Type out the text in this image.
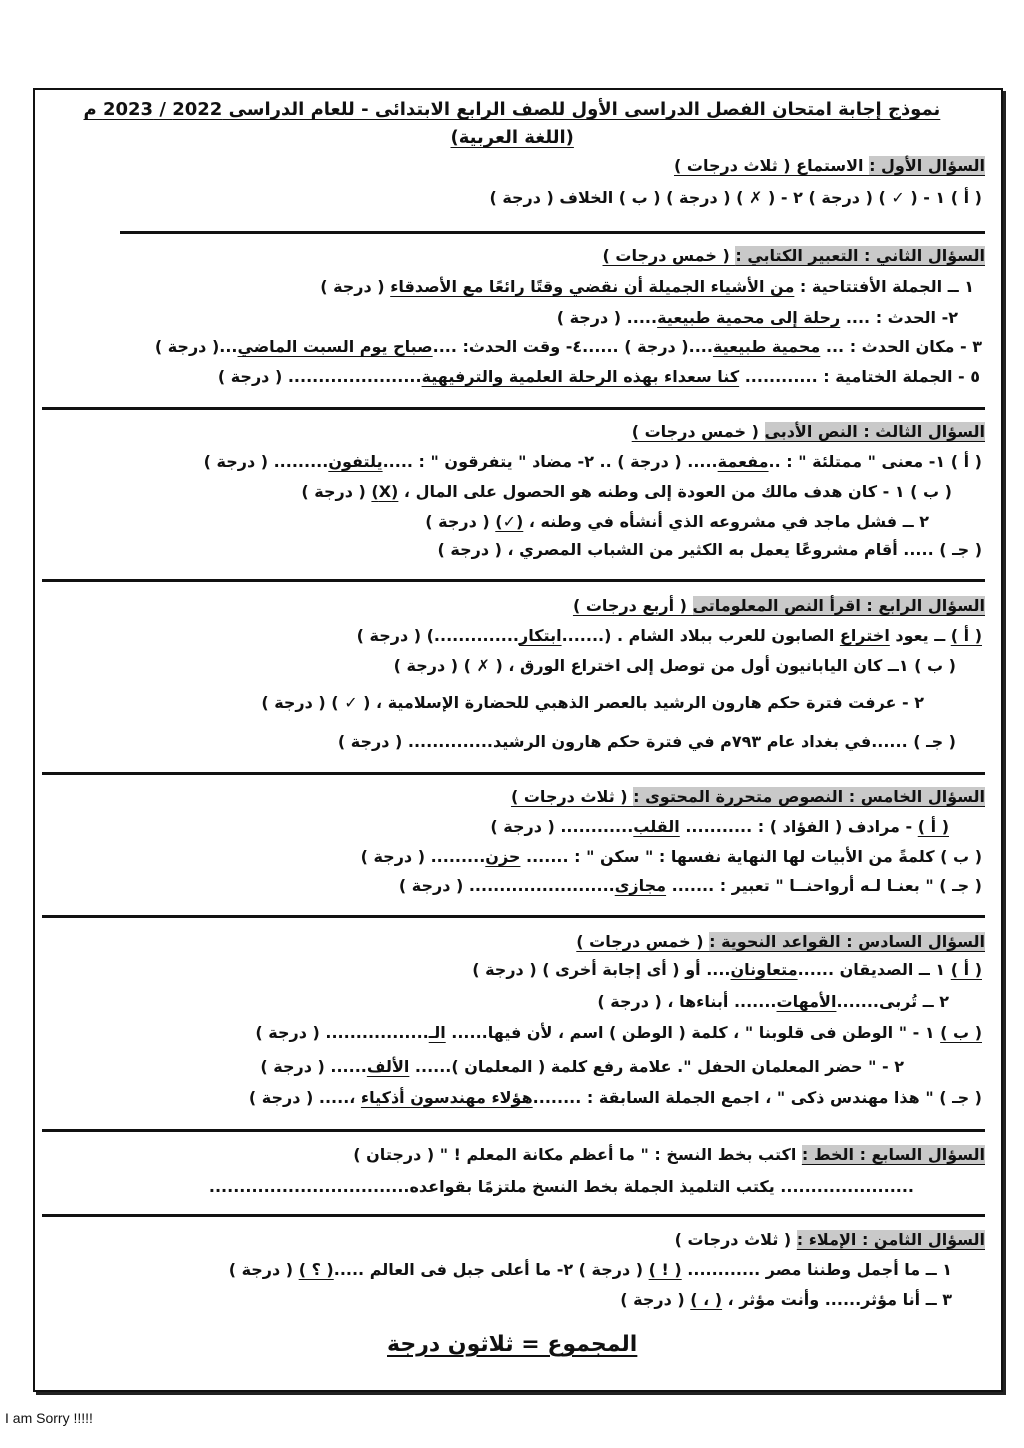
نموذج إجابة امتحان الفصل الدراسى الأول للصف الرابع الابتدائى - للعام الدراسى 2022 / 2023 م
(اللغة العربية)
السؤال الأول : الاستماع ( ثلاث درجات )
( أ ) ١ - ( ✓ ) ( درجة ) ٢ - ( ✗ ) ( درجة ) ( ب ) الخلاف ( درجة )
السؤال الثاني : التعبير الكتابي : ( خمس درجات )
١ ــ الجملة الأفتتاحية : من الأشياء الجميلة أن نقضي وقتًا رائعًا مع الأصدقاء ( درجة )
٢- الحدث : .... رحلة إلى محمية طبيعية..... ( درجة )
٣ - مكان الحدث : ... محمية طبيعية....( درجة ) ......٤- وقت الحدث: ....صباح يوم السبت الماضي...( درجة )
٥ - الجملة الختامية : ............ كنا سعداء بهذه الرحلة العلمية والترفيهية...................... ( درجة )
السؤال الثالث : النص الأدبى ( خمس درجات )
( أ ) ١- معنى " ممتلئة " : ..مفعمة..... ( درجة ) .. ٢- مضاد " يتفرقون " : .....يلتفون......... ( درجة )
( ب ) ١ - كان هدف مالك من العودة إلى وطنه هو الحصول على المال ، (X) ( درجة )
٢ ــ فشل ماجد في مشروعه الذي أنشأه في وطنه ، (✓) ( درجة )
( جـ ) ..... أقام مشروعًا يعمل به الكثير من الشباب المصري ، ( درجة )
السؤال الرابع : اقرأ النص المعلوماتى ( أربع درجات )
( أ ) ــ يعود اختراع الصابون للعرب ببلاد الشام . (.......ابتكار..............) ( درجة )
( ب ) ١ــ كان اليابانيون أول من توصل إلى اختراع الورق ، ( ✗ ) ( درجة )
٢ - عرفت فترة حكم هارون الرشيد بالعصر الذهبي للحضارة الإسلامية ، ( ✓ ) ( درجة )
( جـ ) ......في بغداد عام ٧٩٣م في فترة حكم هارون الرشيد.............. ( درجة )
السؤال الخامس : النصوص متحررة المحتوى : ( ثلاث درجات )
( أ ) - مرادف ( الفؤاد ) : ........... القلب............ ( درجة )
( ب ) كلمةً من الأبيات لها النهاية نفسها : " سكن " : ....... حزن......... ( درجة )
( جـ ) " بعنـا لـه أرواحنــا " تعبير : ....... مجازى........................ ( درجة )
السؤال السادس : القواعد النحوية : ( خمس درجات )
( أ ) ١ ــ الصديقان ......متعاونان.... أو ( أى إجابة أخرى ) ( درجة )
٢ ــ تُربى.......الأمهات....... أبناءها ، ( درجة )
( ب ) ١ - " الوطن فى قلوبنا " ، كلمة ( الوطن ) اسم ، لأن فيها...... الـ................. ( درجة )
٢ - " حضر المعلمان الحفل ". علامة رفع كلمة ( المعلمان )...... الألف...... ( درجة )
( جـ ) " هذا مهندس ذكى " ، اجمع الجملة السابقة : ........هؤلاء مهندسون أذكياء ،..... ( درجة )
السؤال السابع : الخط : اكتب بخط النسخ : " ما أعظم مكانة المعلم ! " ( درجتان )
...................... يكتب التلميذ الجملة بخط النسخ ملتزمًا بقواعده.................................
السؤال الثامن : الإملاء : ( ثلاث درجات )
١ ــ ما أجمل وطننا مصر ............ ( ! ) ( درجة ) ٢- ما أعلى جبل فى العالم .....( ؟ ) ( درجة )
٣ ــ أنا مؤثر...... وأنت مؤثر ، ( ، ) ( درجة )
المجموع = ثلاثون درجة
I am Sorry !!!!!
